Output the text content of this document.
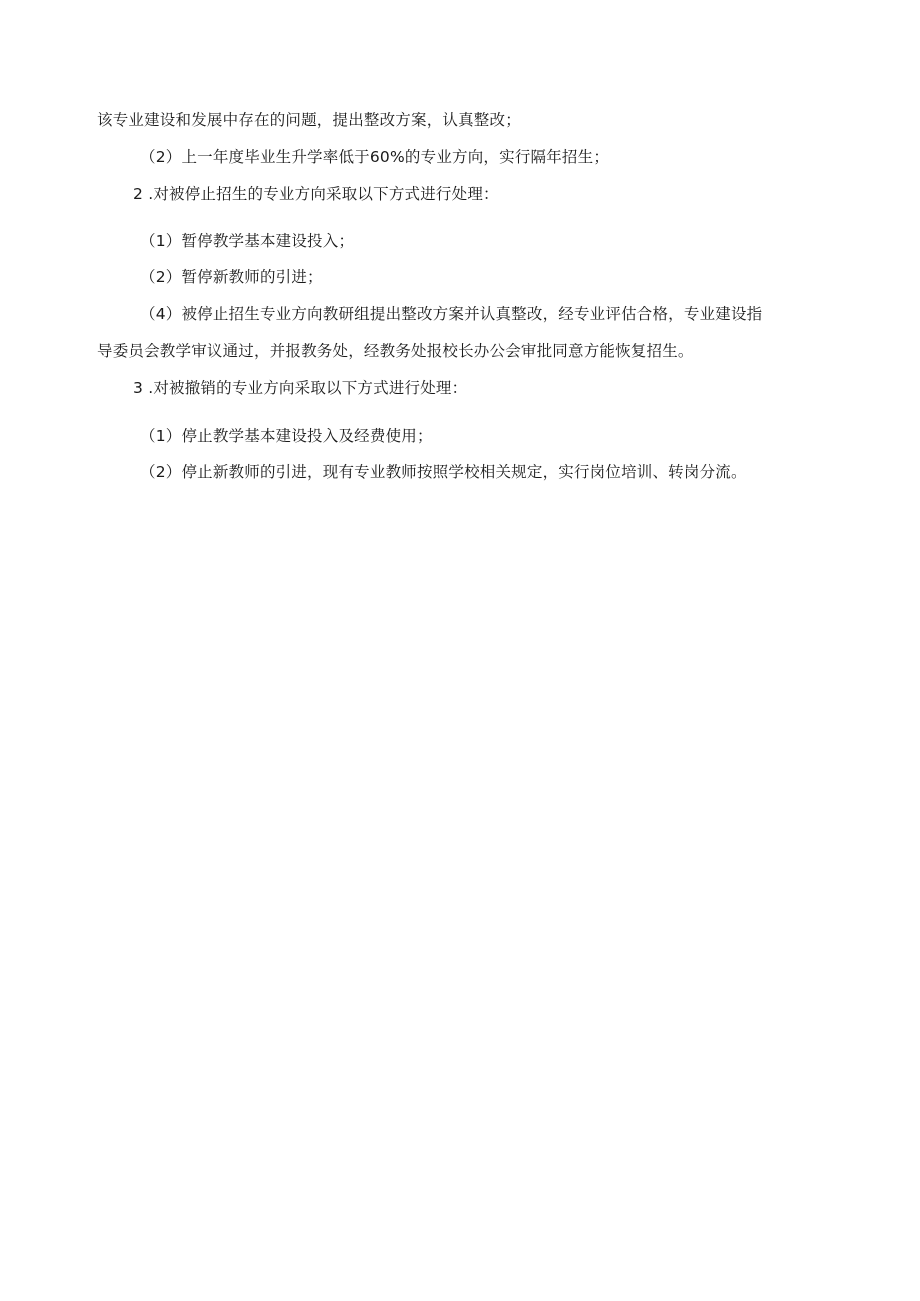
该专业建设和发展中存在的问题，提出整改方案，认真整改；
（2）上一年度毕业生升学率低于60%的专业方向，实行隔年招生；
2 .对被停止招生的专业方向采取以下方式进行处理：
（1）暂停教学基本建设投入；
（2）暂停新教师的引进；
（4）被停止招生专业方向教研组提出整改方案并认真整改，经专业评估合格，专业建设指
导委员会教学审议通过，并报教务处，经教务处报校长办公会审批同意方能恢复招生。
3 .对被撤销的专业方向采取以下方式进行处理：
（1）停止教学基本建设投入及经费使用；
（2）停止新教师的引进，现有专业教师按照学校相关规定，实行岗位培训、转岗分流。
